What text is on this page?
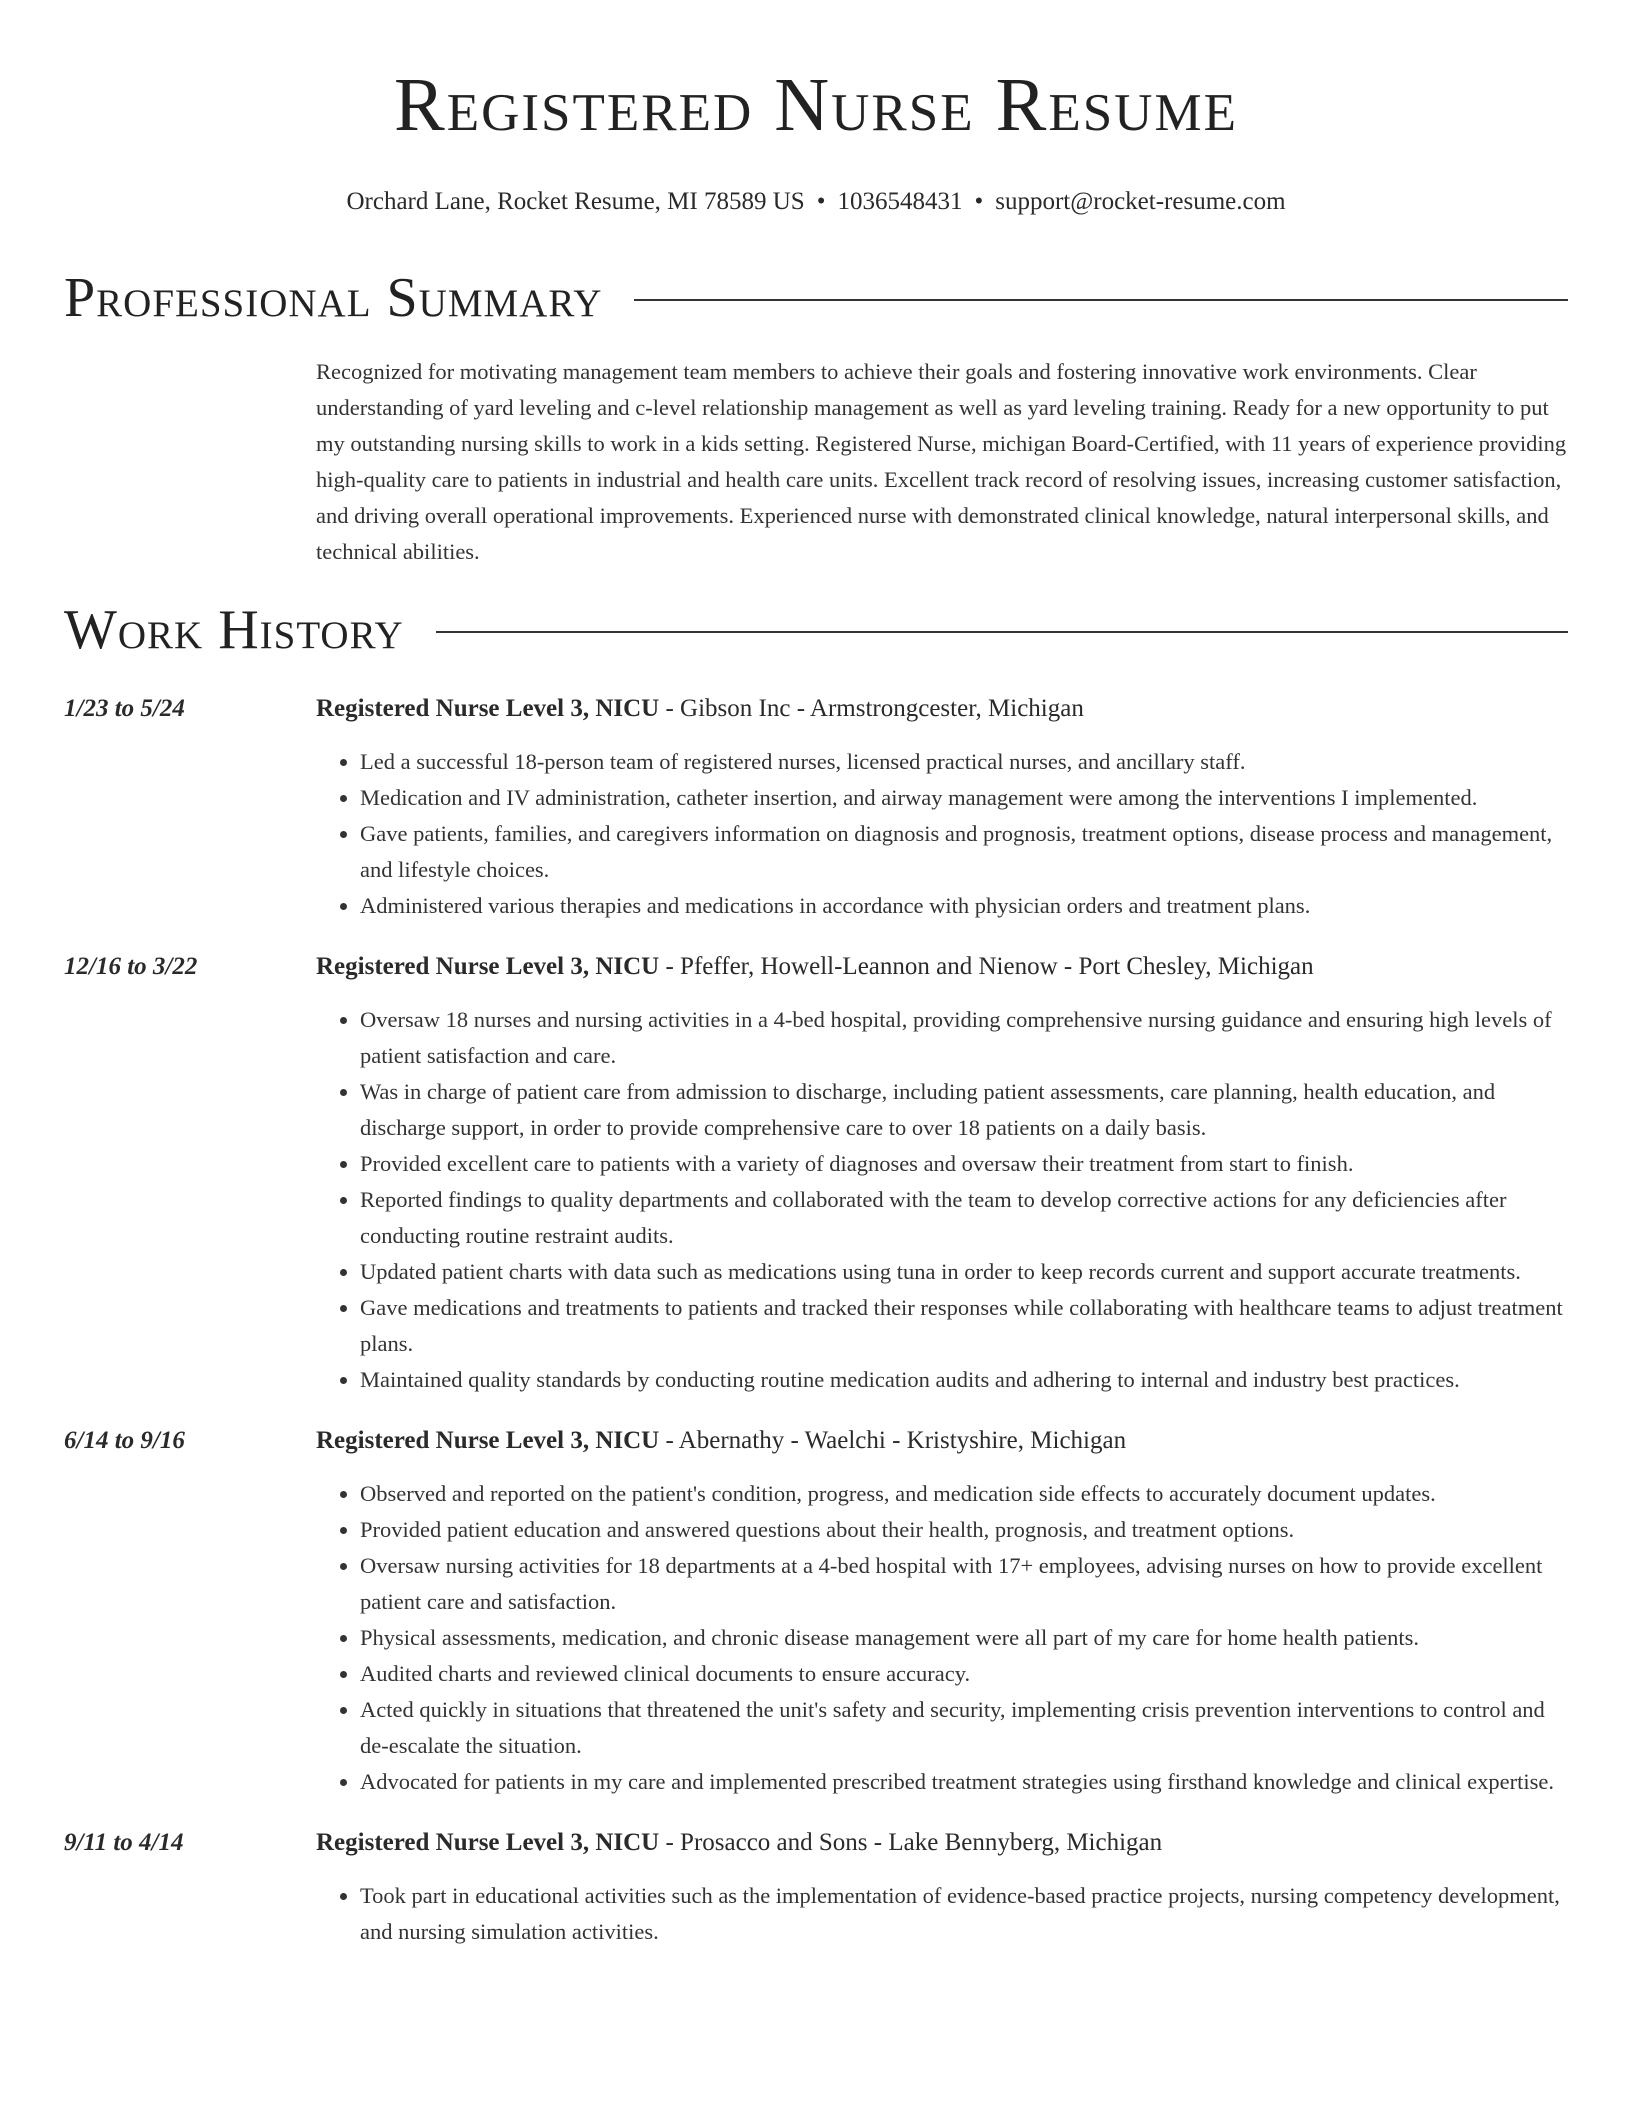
Registered Nurse Resume
Orchard Lane, Rocket Resume, MI 78589 US • 1036548431 • support@rocket-resume.com
Professional Summary
Recognized for motivating management team members to achieve their goals and fostering innovative work environments. Clear understanding of yard leveling and c-level relationship management as well as yard leveling training. Ready for a new opportunity to put my outstanding nursing skills to work in a kids setting. Registered Nurse, michigan Board-Certified, with 11 years of experience providing high-quality care to patients in industrial and health care units. Excellent track record of resolving issues, increasing customer satisfaction, and driving overall operational improvements. Experienced nurse with demonstrated clinical knowledge, natural interpersonal skills, and technical abilities.
Work History
1/23 to 5/24	Registered Nurse Level 3, NICU - Gibson Inc - Armstrongcester, Michigan
• Led a successful 18-person team of registered nurses, licensed practical nurses, and ancillary staff.
• Medication and IV administration, catheter insertion, and airway management were among the interventions I implemented.
• Gave patients, families, and caregivers information on diagnosis and prognosis, treatment options, disease process and management, and lifestyle choices.
• Administered various therapies and medications in accordance with physician orders and treatment plans.
12/16 to 3/22	Registered Nurse Level 3, NICU - Pfeffer, Howell-Leannon and Nienow - Port Chesley, Michigan
• Oversaw 18 nurses and nursing activities in a 4-bed hospital, providing comprehensive nursing guidance and ensuring high levels of patient satisfaction and care.
• Was in charge of patient care from admission to discharge, including patient assessments, care planning, health education, and discharge support, in order to provide comprehensive care to over 18 patients on a daily basis.
• Provided excellent care to patients with a variety of diagnoses and oversaw their treatment from start to finish.
• Reported findings to quality departments and collaborated with the team to develop corrective actions for any deficiencies after conducting routine restraint audits.
• Updated patient charts with data such as medications using tuna in order to keep records current and support accurate treatments.
• Gave medications and treatments to patients and tracked their responses while collaborating with healthcare teams to adjust treatment plans.
• Maintained quality standards by conducting routine medication audits and adhering to internal and industry best practices.
6/14 to 9/16	Registered Nurse Level 3, NICU - Abernathy - Waelchi - Kristyshire, Michigan
• Observed and reported on the patient's condition, progress, and medication side effects to accurately document updates.
• Provided patient education and answered questions about their health, prognosis, and treatment options.
• Oversaw nursing activities for 18 departments at a 4-bed hospital with 17+ employees, advising nurses on how to provide excellent patient care and satisfaction.
• Physical assessments, medication, and chronic disease management were all part of my care for home health patients.
• Audited charts and reviewed clinical documents to ensure accuracy.
• Acted quickly in situations that threatened the unit's safety and security, implementing crisis prevention interventions to control and de-escalate the situation.
• Advocated for patients in my care and implemented prescribed treatment strategies using firsthand knowledge and clinical expertise.
9/11 to 4/14	Registered Nurse Level 3, NICU - Prosacco and Sons - Lake Bennyberg, Michigan
• Took part in educational activities such as the implementation of evidence-based practice projects, nursing competency development, and nursing simulation activities.
